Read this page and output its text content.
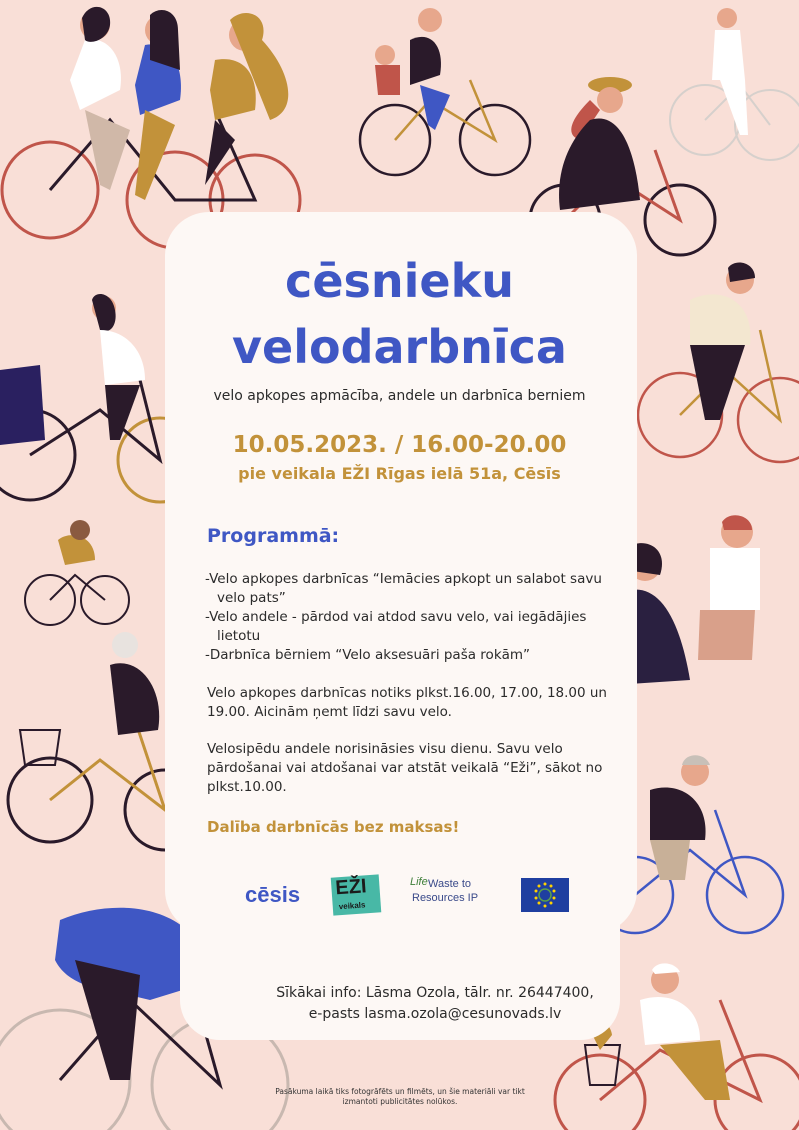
cēsnieku
velodarbnīca
velo apkopes apmācība, andele un darbnīca berniem
10.05.2023. / 16.00-20.00
pie veikala EŽI Rīgas ielā 51a, Cēsīs
Programmā:
-Velo apkopes darbnīcas “Iemācies apkopt un salabot savu velo pats”
-Velo andele - pārdod vai atdod savu velo, vai iegādājies lietotu
-Darbnīca bērniem “Velo aksesuāri paša rokām”

Velo apkopes darbnīcas notiks plkst.16.00, 17.00, 18.00 un 19.00. Aicinām ņemt līdzi savu velo.

Velosipēdu andele norisināsies visu dienu. Savu velo pārdošanai vai atdošanai var atstāt veikalā “Eži”, sākot no plkst.10.00.

Dalība darbnīcās bez maksas!
cēsis EŽI
veikals
Life Waste to
Resources IP
Sīkākai info: Lāsma Ozola, tālr. nr. 26447400,
e-pasts lasma.ozola@cesunovads.lv
Pasākuma laikā tiks fotogrāfēts un filmēts, un šie materiāli var tikt izmantoti publicitātes nolūkos.
